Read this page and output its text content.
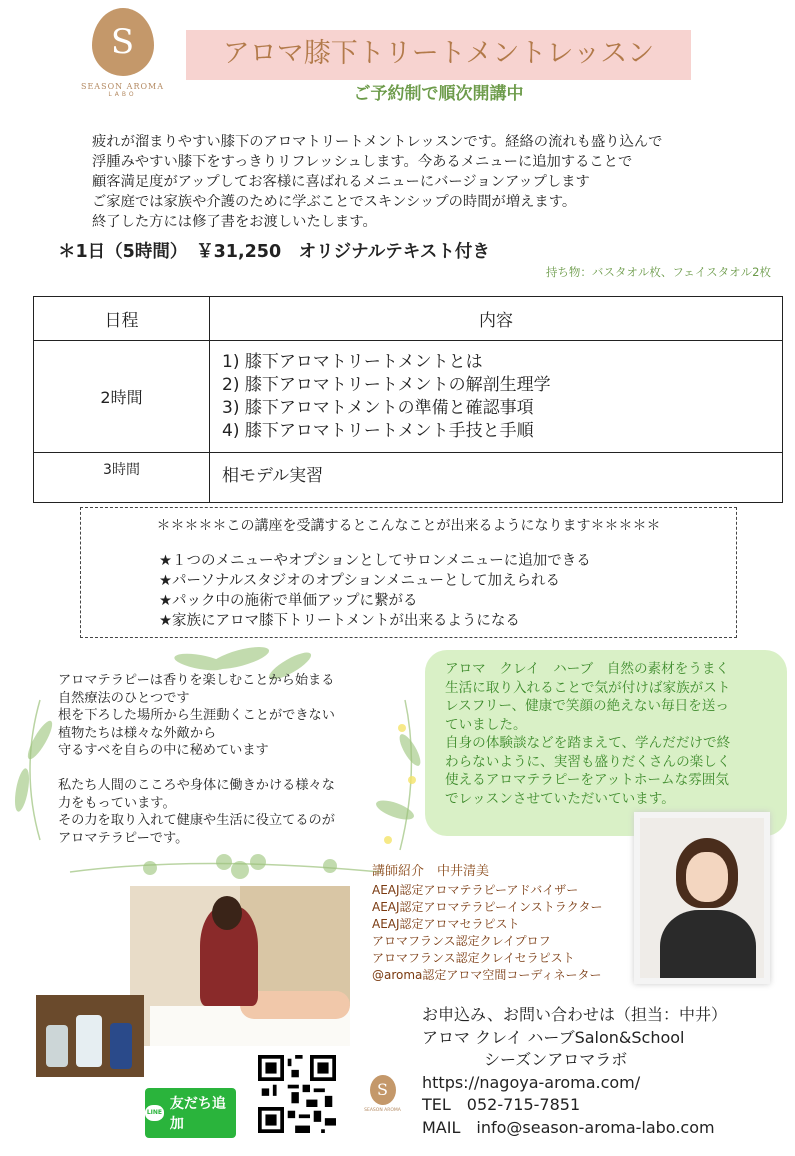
S
SEASON AROMA
LABO
アロマ膝下トリートメントレッスン
ご予約制で順次開講中

疲れが溜まりやすい膝下のアロマトリートメントレッスンです。経絡の流れも盛り込んで

浮腫みやすい膝下をすっきりリフレッシュします。今あるメニューに追加することで

顧客満足度がアップしてお客様に喜ばれるメニューにバージョンアップします

ご家庭では家族や介護のために学ぶことでスキンシップの時間が増えます。

終了した方には修了書をお渡しいたします。

＊1日（5時間）　￥31,250　オリジナルテキスト付き
持ち物：バスタオル枚、フェイスタオル2枚
日程	内容
2時間	1) 膝下アロマトリートメントとは
2) 膝下アロマトリートメントの解剖生理学
3) 膝下アロマトメントの準備と確認事項
4) 膝下アロマトリートメント手技と手順

3時間	相モデル実習
＊＊＊＊＊この講座を受講するとこんなことが出来るようになります＊＊＊＊＊
★１つのメニューやオプションとしてサロンメニューに追加できる
★パーソナルスタジオのオプションメニューとして加えられる
★パック中の施術で単価アップに繋がる
★家族にアロマ膝下トリートメントが出来るようになる

アロマテラピーは香りを楽しむことから始まる

自然療法のひとつです

根を下ろした場所から生涯動くことができない

植物たちは様々な外敵から

守るすべを自らの中に秘めています

私たち人間のこころや身体に働きかける様々な

力をもっています。

その力を取り入れて健康や生活に役立てるのが

アロマテラピーです。

アロマ　クレイ　ハーブ　自然の素材をうまく

生活に取り入れることで気が付けば家族がスト

レスフリー、健康で笑顔の絶えない毎日を送っ

ていました。

自身の体験談などを踏まえて、学んだだけで終

わらないように、実習も盛りだくさんの楽しく

使えるアロマテラピーをアットホームな雰囲気

でレッスンさせていただいています。

講師紹介　中井清美
AEAJ認定アロマテラピーアドバイザー
AEAJ認定アロマテラピーインストラクター
AEAJ認定アロマセラピスト
アロマフランス認定クレイプロフ
アロマフランス認定クレイセラピスト
@aroma認定アロマ空間コーディネーター
LINE
友だち追加
S
SEASON AROMA
お申込み、お問い合わせは（担当：中井）
アロマ クレイ ハーブSalon&School
シーズンアロマラボ
https://nagoya-aroma.com/
TEL　052-715-7851
MAIL　info@season-aroma-labo.com
